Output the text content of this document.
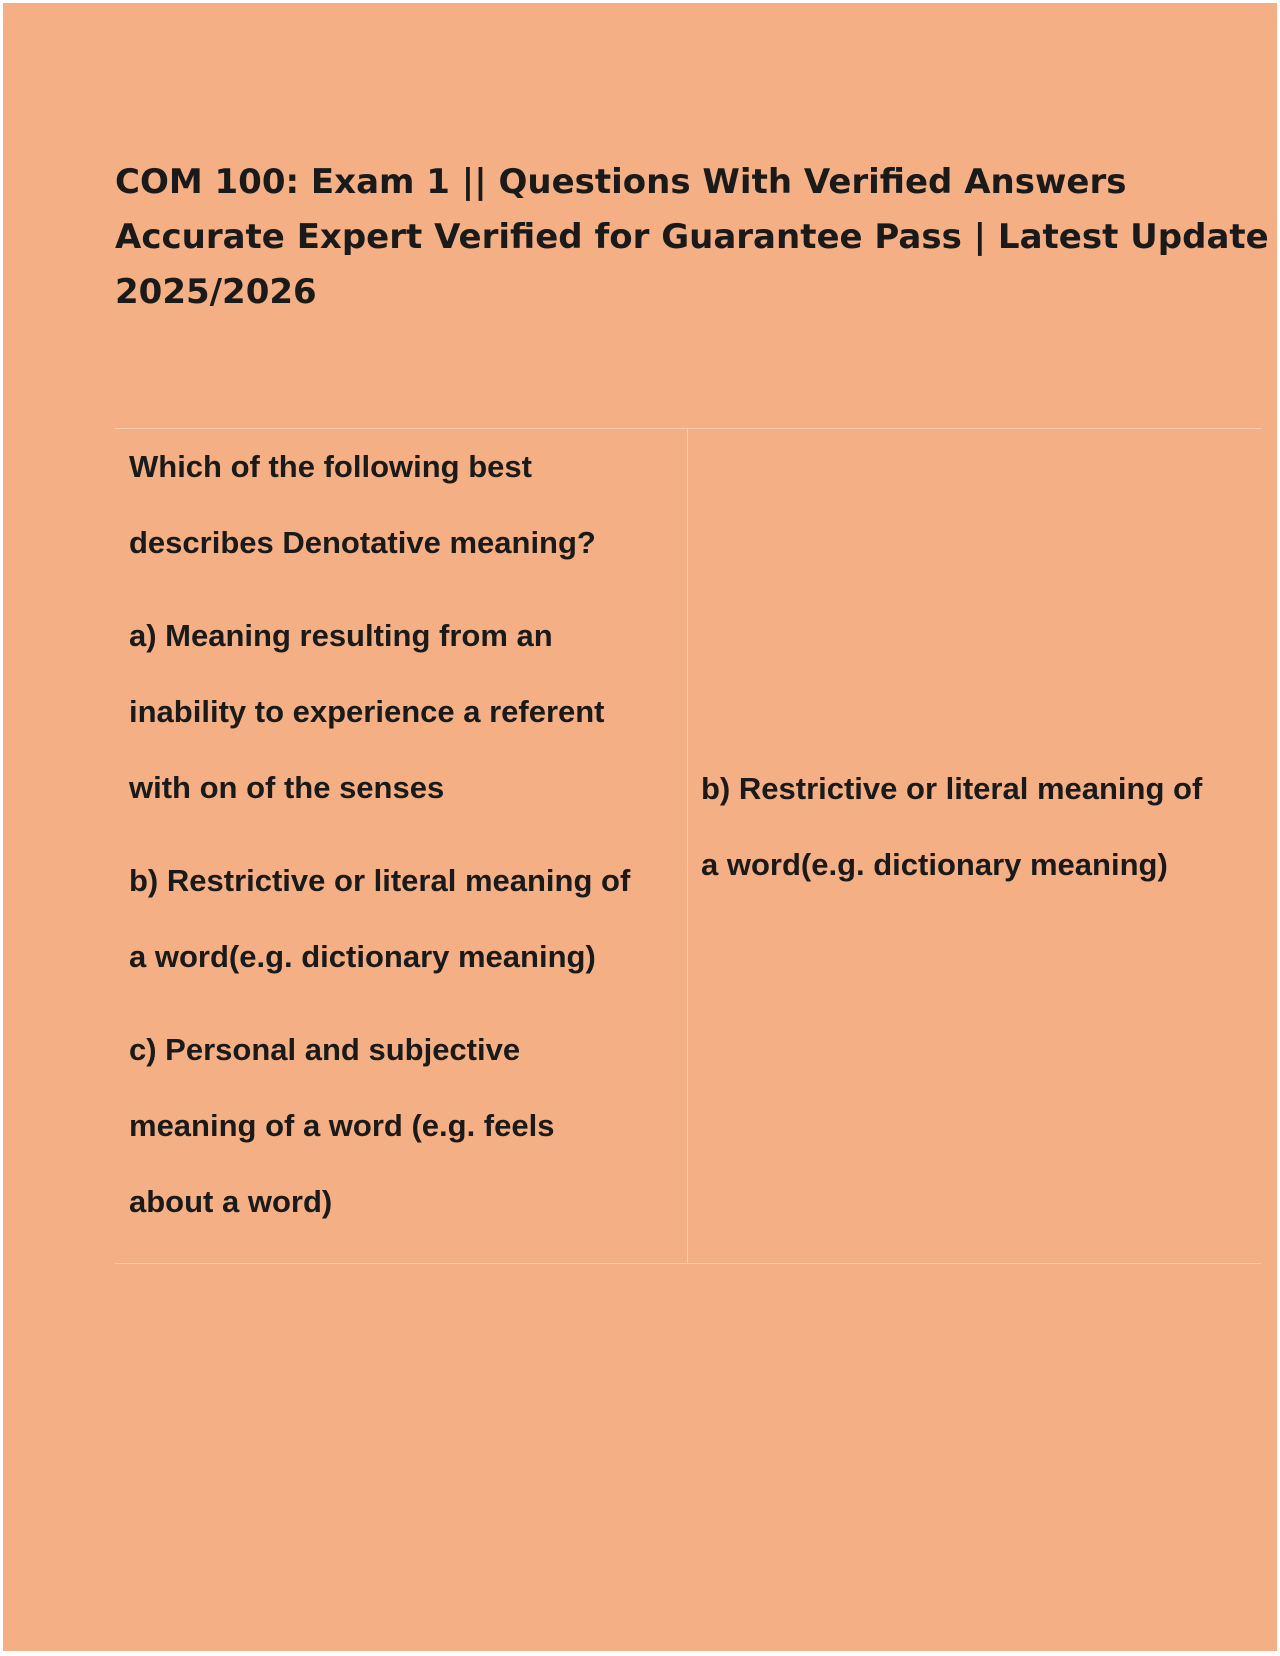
COM 100: Exam 1 || Questions With Verified Answers
Accurate Expert Verified for Guarantee Pass | Latest Update
2025/2026
Which of the following best
describes Denotative meaning?
a) Meaning resulting from an
inability to experience a referent
with on of the senses
b) Restrictive or literal meaning of
a word(e.g. dictionary meaning)
c) Personal and subjective
meaning of a word (e.g. feels
about a word)
b) Restrictive or literal meaning of
a word(e.g. dictionary meaning)
